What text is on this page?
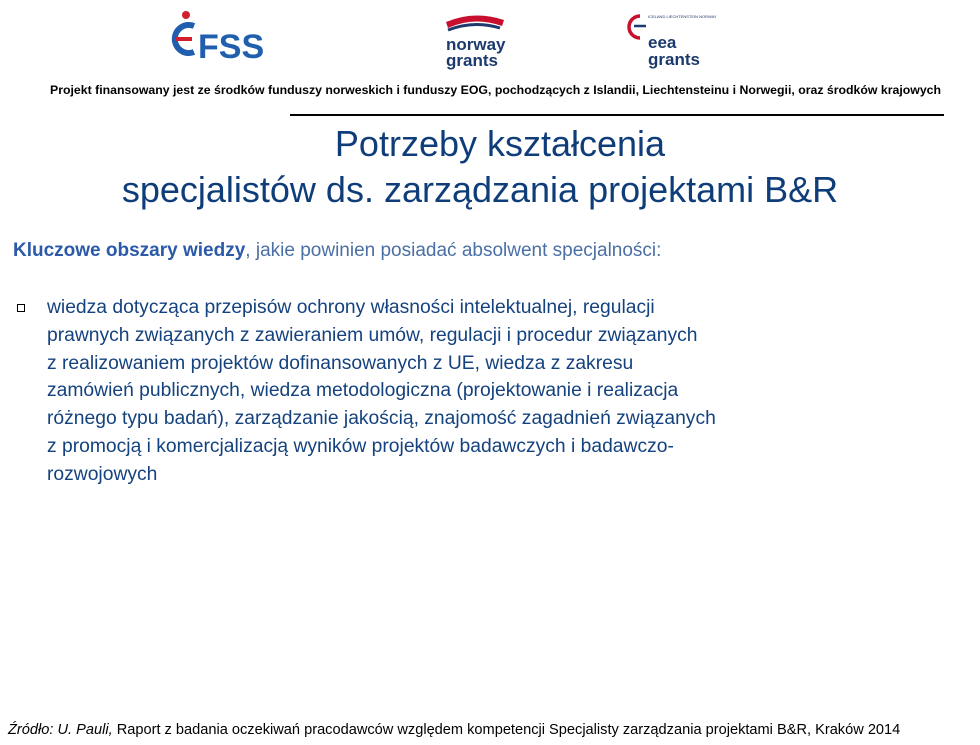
FSS	norway
grants
ICELAND LIECHTENSTEIN NORWAY
eea
grants
Projekt finansowany jest ze środków funduszy norweskich i funduszy EOG, pochodzących z Islandii, Liechtensteinu i Norwegii, oraz środków krajowych
Potrzeby kształcenia
specjalistów ds. zarządzania projektami B&R
Kluczowe obszary wiedzy, jakie powinien posiadać absolwent specjalności:
wiedza dotycząca przepisów ochrony własności intelektualnej, regulacji
prawnych związanych z zawieraniem umów, regulacji i procedur związanych
z realizowaniem projektów dofinansowanych z UE, wiedza z zakresu
zamówień publicznych, wiedza metodologiczna (projektowanie i realizacja
różnego typu badań), zarządzanie jakością, znajomość zagadnień związanych
z promocją i komercjalizacją wyników projektów badawczych i badawczo-
rozwojowych
Źródło: U. Pauli, Raport z badania oczekiwań pracodawców względem kompetencji Specjalisty zarządzania projektami B&R, Kraków 2014
